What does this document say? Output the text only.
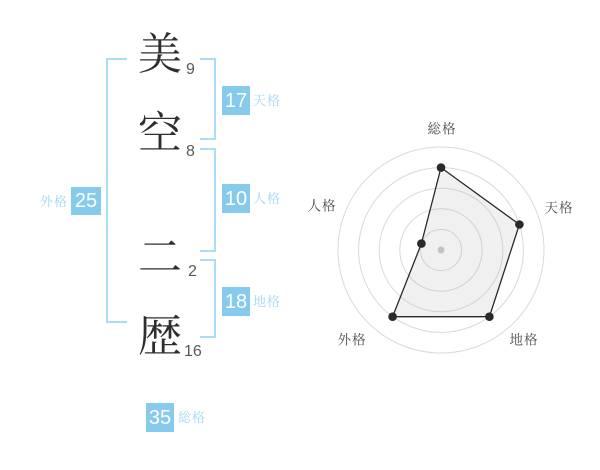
美
空
二
歴
9
8
2
16
外格 25
17 天格
10 人格
18 地格
35 総格
総格
天格
地格
外格
人格
